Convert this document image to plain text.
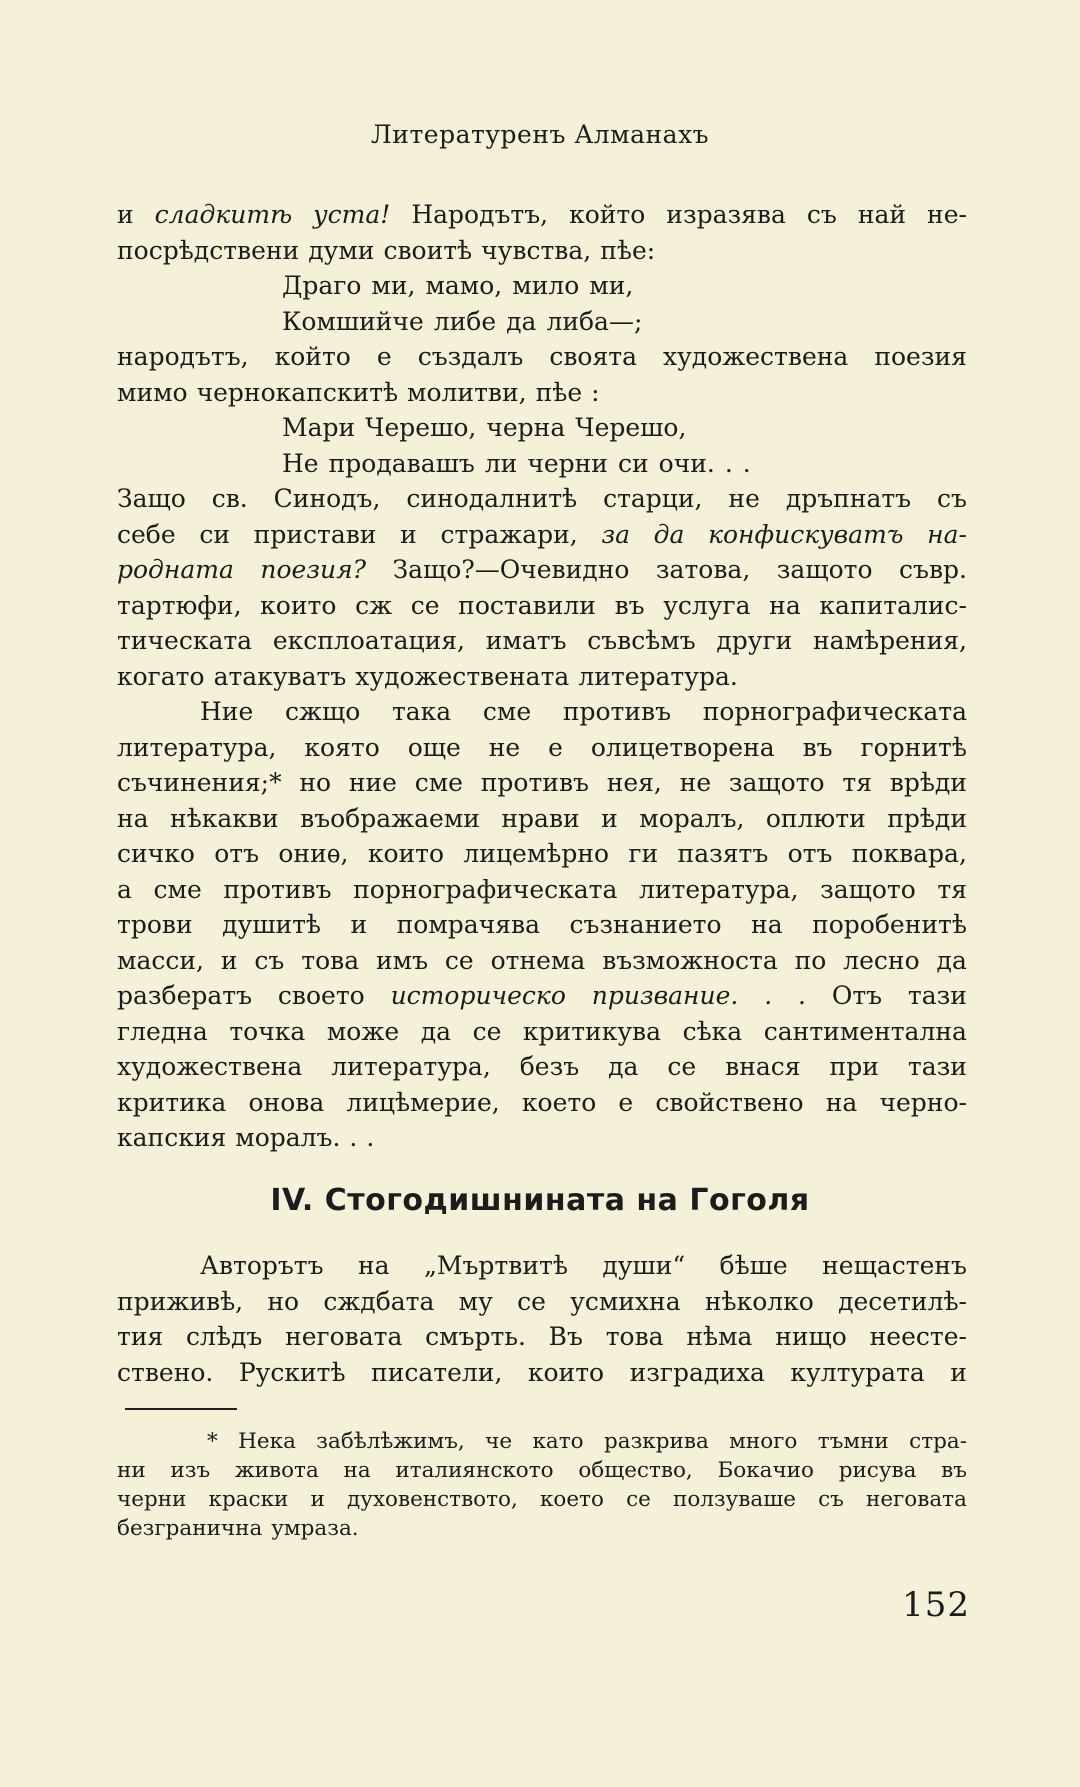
Литературенъ Алманахъ
и сладкитѣ уста! Народътъ, който изразява съ най не-
посрѣдствени думи своитѣ чувства, пѣе:
Драго ми, мамо, мило ми,
Комшийче либе да либа—;
народътъ, който е създалъ своята художествена поезия
мимо чернокапскитѣ молитви, пѣе :
Мари Черешо, черна Черешо,
Не продавашъ ли черни си очи. . .
Защо св. Синодъ, синодалнитѣ старци, не дръпнатъ съ
себе си пристави и стражари, за да конфискуватъ на-
родната поезия? Защо?—Очевидно затова, защото съвр.
тартюфи, които сж се поставили въ услуга на капиталис-
тическата експлоатация, иматъ съвсѣмъ други намѣрения,
когато атакуватъ художествената литература.
Ние сжщо така сме противъ порнографическата
литература, която още не е олицетворена въ горнитѣ
съчинения;* но ние сме противъ нея, не защото тя врѣди
на нѣкакви въображаеми нрави и моралъ, оплюти прѣди
сичко отъ ониѳ, които лицемѣрно ги пазятъ отъ поквара,
а сме противъ порнографическата литература, защото тя
трови душитѣ и помрачява съзнанието на поробенитѣ
масси, и съ това имъ се отнема възможноста по лесно да
разбератъ своето историческо призвание. . . Отъ тази
гледна точка може да се критикува сѣка сантиментална
художествена литература, безъ да се внася при тази
критика онова лицѣмерие, което е свойствено на черно-
капския моралъ. . .
IV. Стогодишнината на Гоголя
Авторътъ на „Мъртвитѣ души“ бѣше нещастенъ
приживѣ, но сждбата му се усмихна нѣколко десетилѣ-
тия слѣдъ неговата смърть. Въ това нѣма нищо неесте-
ствено. Рускитѣ писатели, които изградиха културата и
* Нека забѣлѣжимъ, че като разкрива много тъмни стра-
ни изъ живота на италиянското общество, Бокачио рисува въ
черни краски и духовенството, което се ползуваше съ неговата
безгранична умраза.
152
